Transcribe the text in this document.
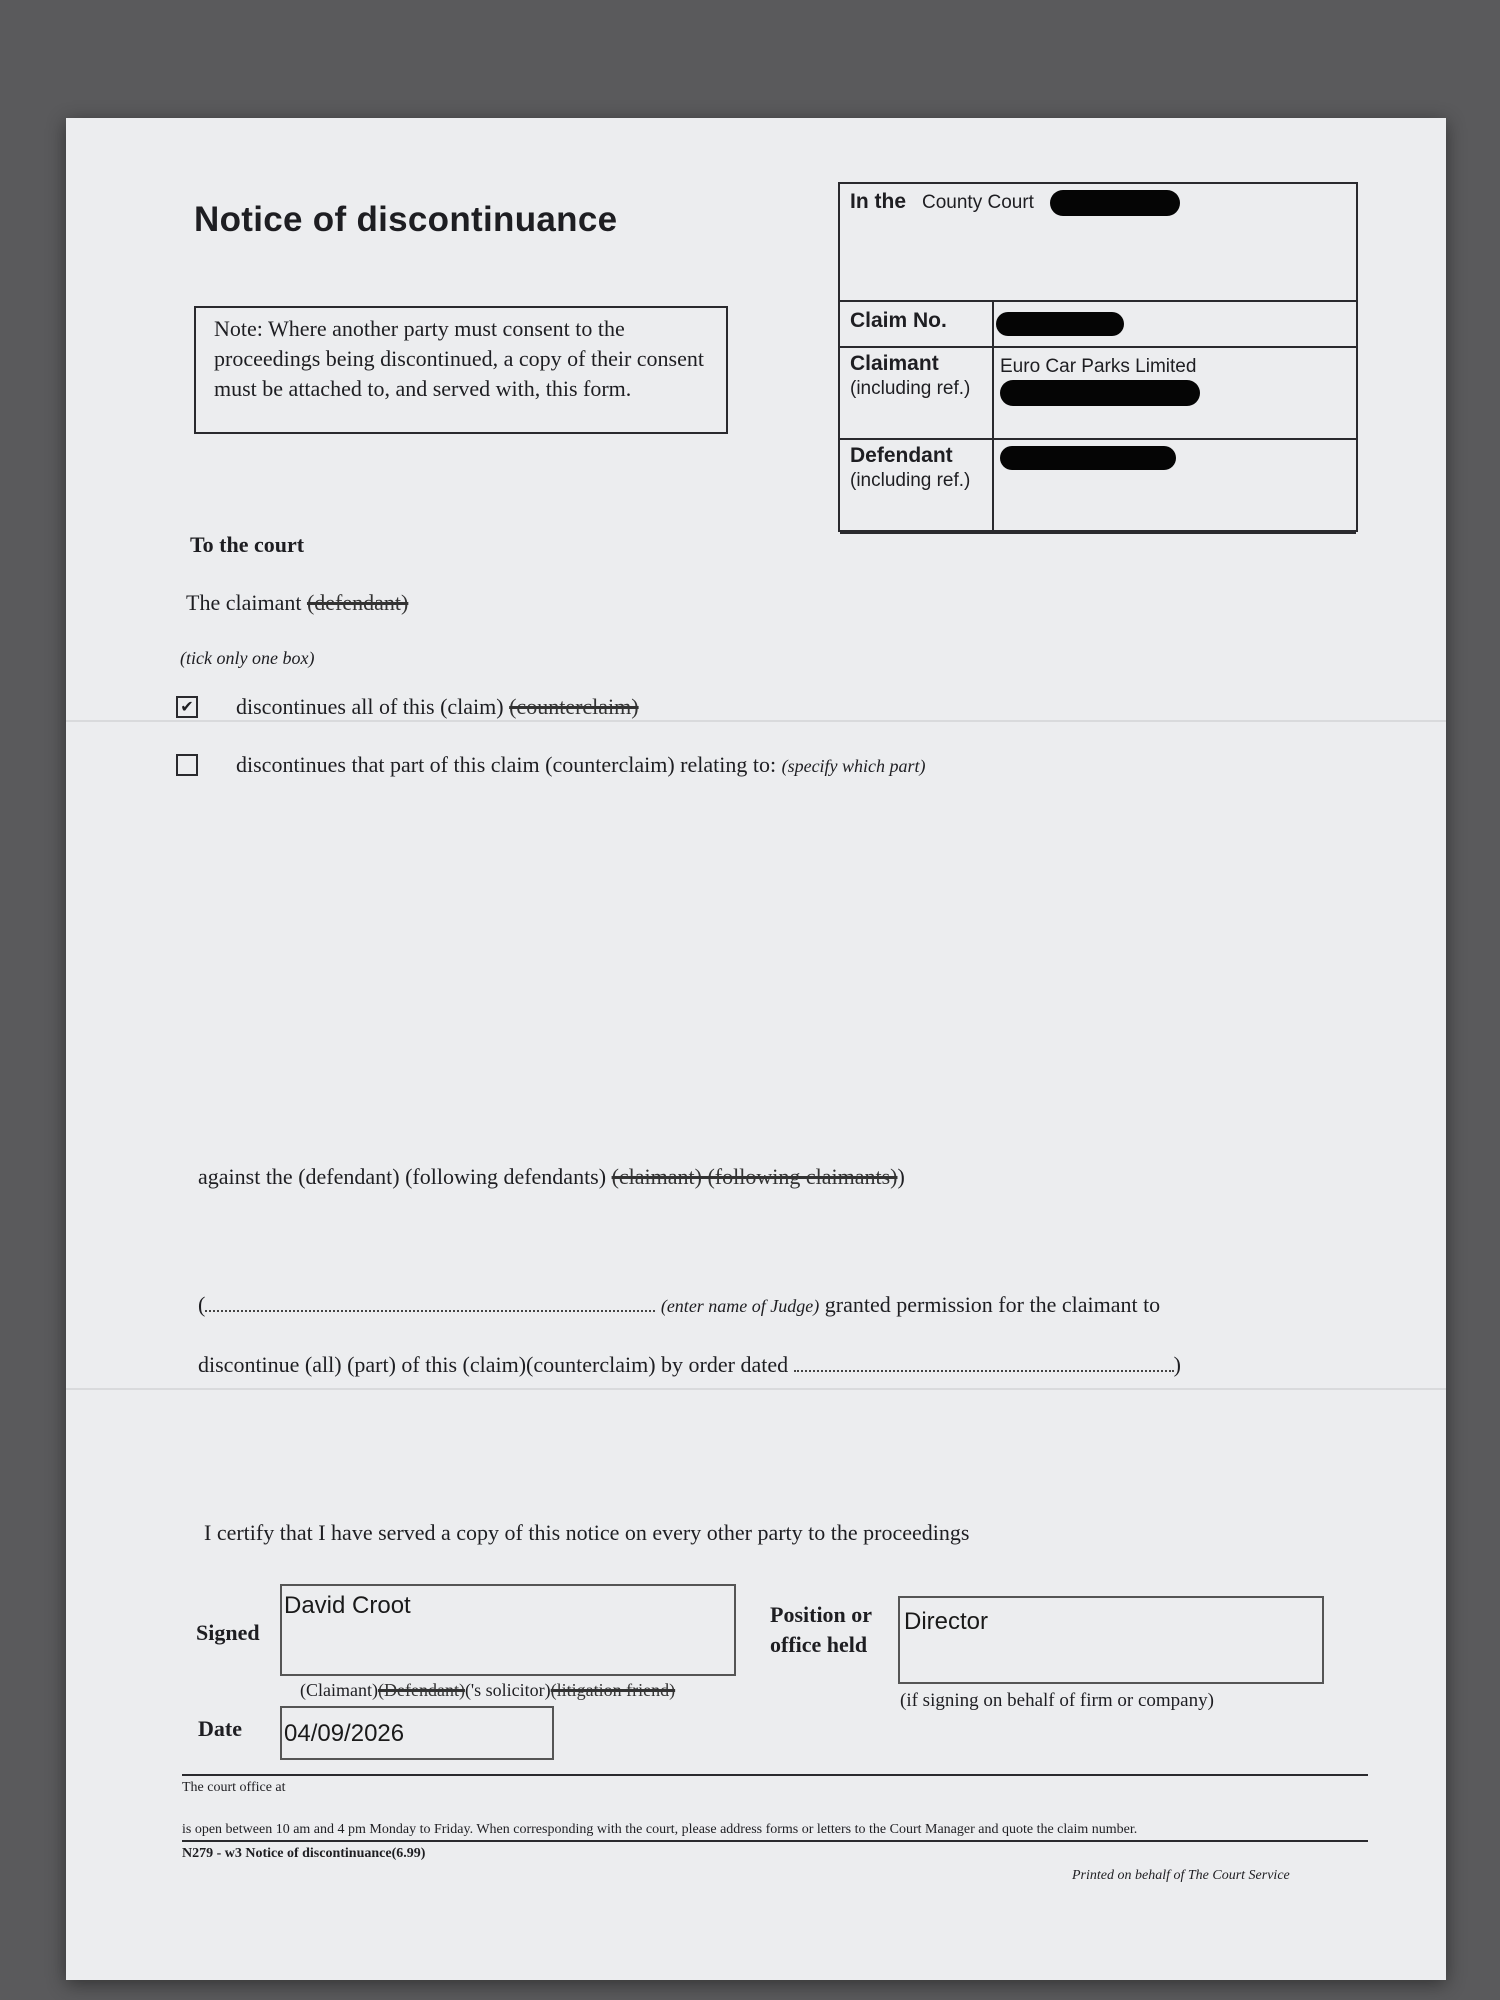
Notice of discontinuance
Note: Where another party must consent to the proceedings being discontinued, a copy of their consent must be attached to, and served with, this form.
In the County Court
Claim No.
Claimant
(including ref.)
Euro Car Parks Limited
Defendant
(including ref.)
To the court
The claimant (defendant)
(tick only one box)
✔ discontinues all of this (claim) (counterclaim)
discontinues that part of this claim (counterclaim) relating to: (specify which part)
against the (defendant) (following defendants) (claimant) (following claimants))
(	(enter name of Judge) granted permission for the claimant to
discontinue (all) (part) of this (claim)(counterclaim) by order dated	)
I certify that I have served a copy of this notice on every other party to the proceedings
Signed
David Croot
(Claimant)(Defendant)('s solicitor)(litigation friend)
Position or
office held
Director
(if signing on behalf of firm or company)
Date 04/09/2026
The court office at
is open between 10 am and 4 pm Monday to Friday. When corresponding with the court, please address forms or letters to the Court Manager and quote the claim number.
N279 - w3 Notice of discontinuance(6.99)
Printed on behalf of The Court Service
